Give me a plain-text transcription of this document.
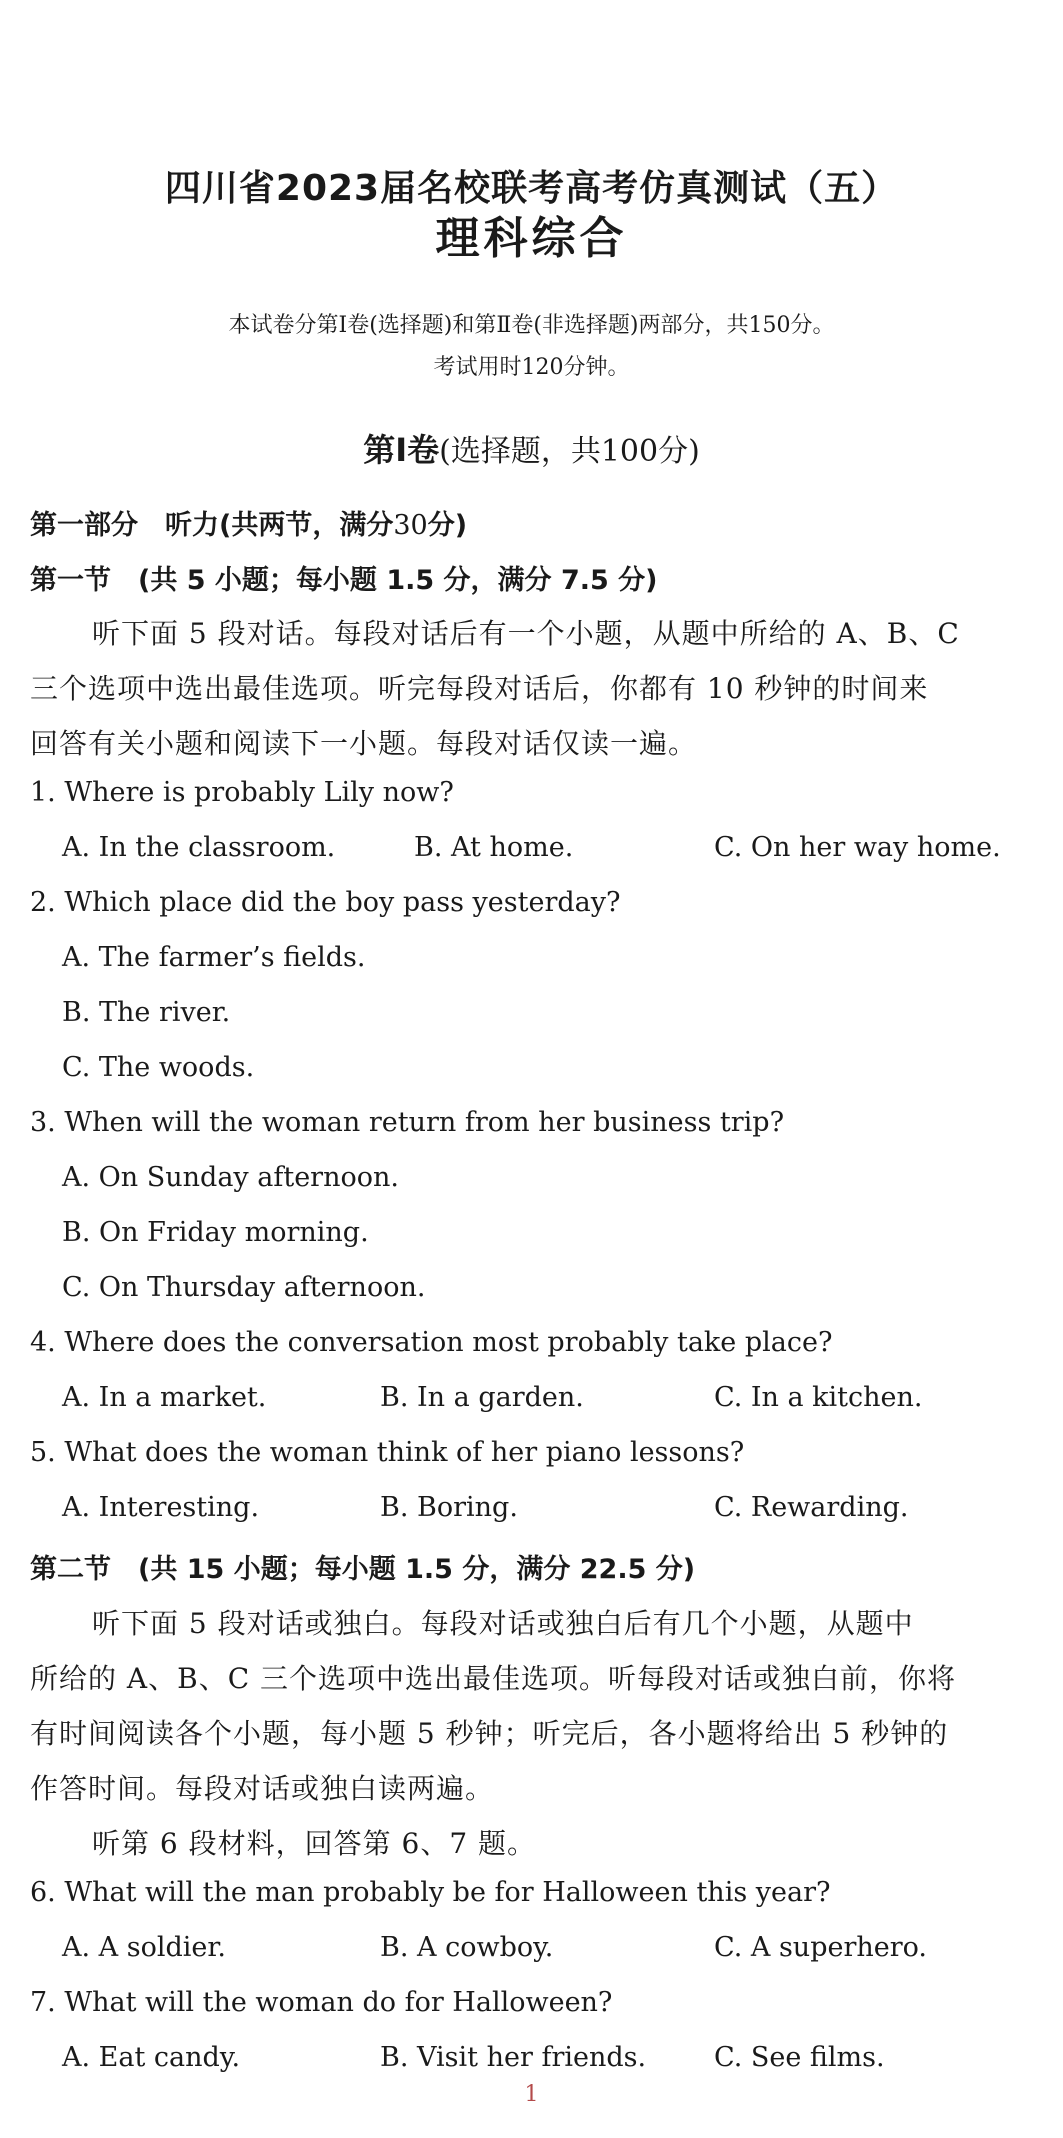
四川省2023届名校联考高考仿真测试（五）
理科综合
本试卷分第Ⅰ卷(选择题)和第Ⅱ卷(非选择题)两部分，共150分。
考试用时120分钟。
第Ⅰ卷(选择题，共100分)
第一部分　听力(共两节，满分30分)
第一节　(共 5 小题；每小题 1.5 分，满分 7.5 分)
听下面 5 段对话。每段对话后有一个小题，从题中所给的 A、B、C
三个选项中选出最佳选项。听完每段对话后，你都有 10 秒钟的时间来
回答有关小题和阅读下一小题。每段对话仅读一遍。
1. Where is probably Lily now?
A. In the classroom.	B. At home.	C. On her way home.
2. Which place did the boy pass yesterday?
A. The farmer’s fields.
B. The river.
C. The woods.
3. When will the woman return from her business trip?
A. On Sunday afternoon.
B. On Friday morning.
C. On Thursday afternoon.
4. Where does the conversation most probably take place?
A. In a market.	B. In a garden.	C. In a kitchen.
5. What does the woman think of her piano lessons?
A. Interesting.	B. Boring.	C. Rewarding.
第二节　(共 15 小题；每小题 1.5 分，满分 22.5 分)
听下面 5 段对话或独白。每段对话或独白后有几个小题，从题中
所给的 A、B、C 三个选项中选出最佳选项。听每段对话或独白前，你将
有时间阅读各个小题，每小题 5 秒钟；听完后，各小题将给出 5 秒钟的
作答时间。每段对话或独白读两遍。
听第 6 段材料，回答第 6、7 题。
6. What will the man probably be for Halloween this year?
A. A soldier.	B. A cowboy.	C. A superhero.
7. What will the woman do for Halloween?
A. Eat candy.	B. Visit her friends.	C. See films.
1
